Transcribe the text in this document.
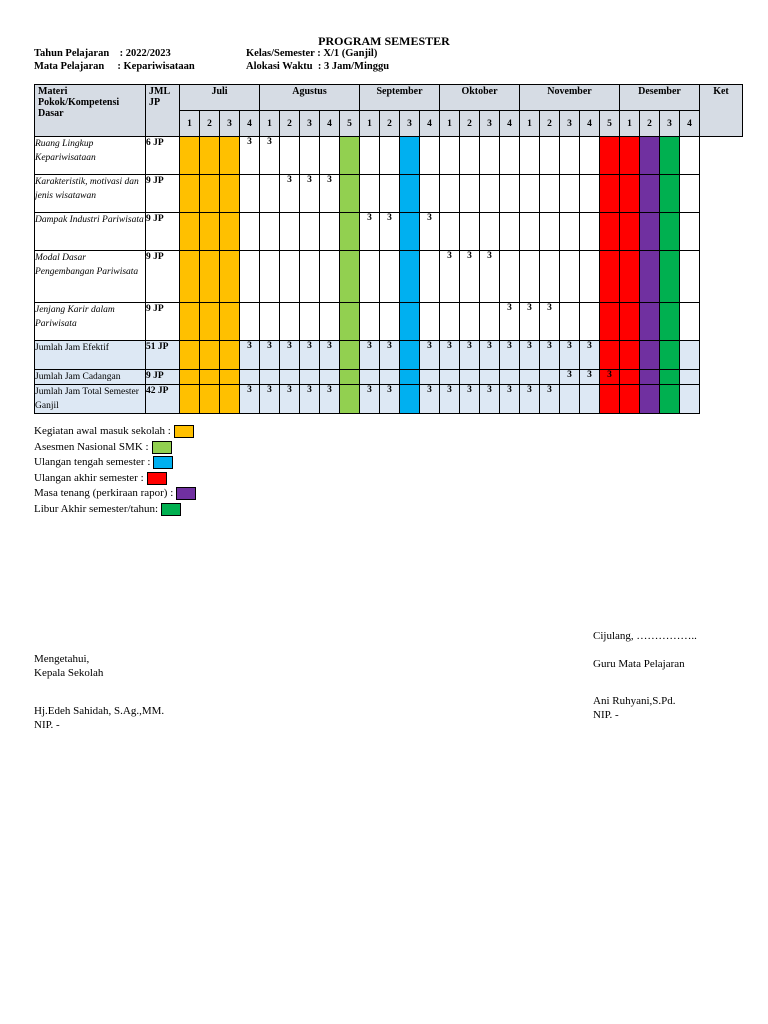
PROGRAM SEMESTER
Tahun Pelajaran    : 2022/2023
Mata Pelajaran     : Kepariwisataan
Kelas/Semester : X/1 (Ganjil)
Alokasi Waktu  : 3 Jam/Minggu
Materi Pokok/Kompetensi Dasar	JML JP	Juli				Agustus					September				Oktober				November					Desember				Ket
		1	2	3	4	1	2	3	4	5	1	2	3	4	1	2	3	4	1	2	3	4	5	1	2	3	4	
Ruang Lingkup Kepariwisataan	6 JP				3	3																						
Karakteristik, motivasi dan jenis wisatawan	9 JP						3	3	3																			
Dampak Industri Pariwisata	9 JP										3	3		3														
Modal Dasar Pengembangan Pariwisata	9 JP														3	3	3											
Jenjang Karir dalam Pariwisata	9 JP																	3	3	3								
Jumlah Jam Efektif	51 JP				3	3	3	3	3		3	3		3	3	3	3	3	3	3	3	3						
Jumlah Jam Cadangan	9 JP																				3	3	3					
Jumlah Jam Total Semester Ganjil	42 JP				3	3	3	3	3		3	3		3	3	3	3	3	3	3								
Kegiatan awal masuk sekolah :
Asesmen Nasional SMK :
Ulangan tengah semester :
Ulangan akhir semester :
Masa tenang (perkiraan rapor) :
Libur Akhir semester/tahun:
Cijulang, ……………..
Mengetahui,
Kepala Sekolah
Guru Mata Pelajaran
Hj.Edeh Sahidah, S.Ag.,MM.
NIP. -
Ani Ruhyani,S.Pd.
NIP. -
